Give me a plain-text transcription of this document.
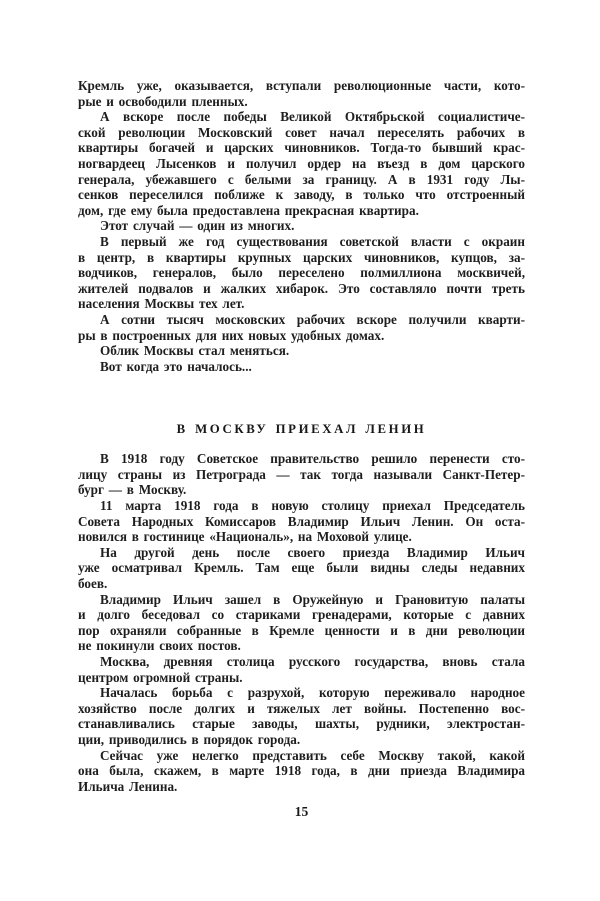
Кремль уже, оказывается, вступали революционные части, кото-
рые и освободили пленных.
А вскоре после победы Великой Октябрьской социалистиче-
ской революции Московский совет начал переселять рабочих в
квартиры богачей и царских чиновников. Тогда-то бывший крас-
ногвардеец Лысенков и получил ордер на въезд в дом царского
генерала, убежавшего с белыми за границу. А в 1931 году Лы-
сенков переселился поближе к заводу, в только что отстроенный
дом, где ему была предоставлена прекрасная квартира.
Этот случай — один из многих.
В первый же год существования советской власти с окраин
в центр, в квартиры крупных царских чиновников, купцов, за-
водчиков, генералов, было переселено полмиллиона москвичей,
жителей подвалов и жалких хибарок. Это составляло почти треть
населения Москвы тех лет.
А сотни тысяч московских рабочих вскоре получили кварти-
ры в построенных для них новых удобных домах.
Облик Москвы стал меняться.
Вот когда это началось...
В МОСКВУ ПРИЕХАЛ ЛЕНИН
В 1918 году Советское правительство решило перенести сто-
лицу страны из Петрограда — так тогда называли Санкт-Петер-
бург — в Москву.
11 марта 1918 года в новую столицу приехал Председатель
Совета Народных Комиссаров Владимир Ильич Ленин. Он оста-
новился в гостинице «Националь», на Моховой улице.
На другой день после своего приезда Владимир Ильич
уже осматривал Кремль. Там еще были видны следы недавних
боев.
Владимир Ильич зашел в Оружейную и Грановитую палаты
и долго беседовал со стариками гренадерами, которые с давних
пор охраняли собранные в Кремле ценности и в дни революции
не покинули своих постов.
Москва, древняя столица русского государства, вновь стала
центром огромной страны.
Началась борьба с разрухой, которую переживало народное
хозяйство после долгих и тяжелых лет войны. Постепенно вос-
станавливались старые заводы, шахты, рудники, электростан-
ции, приводились в порядок города.
Сейчас уже нелегко представить себе Москву такой, какой
она была, скажем, в марте 1918 года, в дни приезда Владимира
Ильича Ленина.
15
